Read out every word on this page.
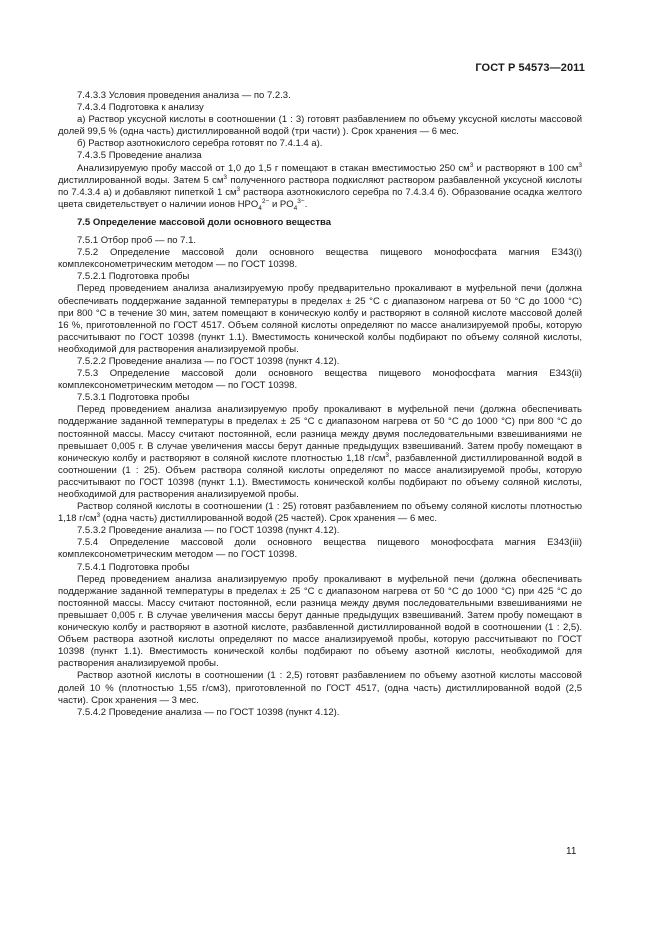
ГОСТ Р 54573—2011

7.4.3.3 Условия проведения анализа — по 7.2.3.

7.4.3.4 Подготовка к анализу

а) Раствор уксусной кислоты в соотношении (1 : 3) готовят разбавлением по объему уксусной кислоты массовой долей 99,5 % (одна часть) дистиллированной водой (три части) ). Срок хранения — 6 мес.

б) Раствор азотнокислого серебра готовят по 7.4.1.4 а).

7.4.3.5 Проведение анализа

Анализируемую пробу массой от 1,0 до 1,5 г помещают в стакан вместимостью 250 $см^3$ и растворяют в 100 $см^3$ дистиллированной воды. Затем 5 $см^3$ полученного раствора подкисляют раствором разбавленной уксусной кислоты по 7.4.3.4 а) и добавляют пипеткой 1 $см^3$ раствора азотнокислого серебра по 7.4.3.4 б). Образование осадка желтого цвета свидетельствует о наличии ионов $HPO_4^{2-}$ и $PO_4^{3-}$.

7.5 Определение массовой доли основного вещества

7.5.1 Отбор проб — по 7.1.

7.5.2 Определение массовой доли основного вещества пищевого монофосфата магния Е343(i) комплексонометрическим методом — по ГОСТ 10398.

7.5.2.1 Подготовка пробы

Перед проведением анализа анализируемую пробу предварительно прокаливают в муфельной печи (должна обеспечивать поддержание заданной температуры в пределах ± 25 °С с диапазоном нагрева от 50 °С до 1000 °С) при 800 °С в течение 30 мин, затем помещают в коническую колбу и растворяют в соляной кислоте массовой долей 16 %, приготовленной по ГОСТ 4517. Объем соляной кислоты определяют по массе анализируемой пробы, которую рассчитывают по ГОСТ 10398 (пункт 1.1). Вместимость конической колбы подбирают по объему соляной кислоты, необходимой для растворения анализируемой пробы.

7.5.2.2 Проведение анализа — по ГОСТ 10398 (пункт 4.12).

7.5.3 Определение массовой доли основного вещества пищевого монофосфата магния Е343(ii) комплексонометрическим методом — по ГОСТ 10398.

7.5.3.1 Подготовка пробы

Перед проведением анализа анализируемую пробу прокаливают в муфельной печи (должна обеспечивать поддержание заданной температуры в пределах ± 25 °С с диапазоном нагрева от 50 °С до 1000 °С) при 800 °С до постоянной массы. Массу считают постоянной, если разница между двумя последовательными взвешиваниями не превышает 0,005 г. В случае увеличения массы берут данные предыдущих взвешиваний. Затем пробу помещают в коническую колбу и растворяют в соляной кислоте плотностью 1,18 $г/см^3$, разбавленной дистиллированной водой в соотношении (1 : 25). Объем раствора соляной кислоты определяют по массе анализируемой пробы, которую рассчитывают по ГОСТ 10398 (пункт 1.1). Вместимость конической колбы подбирают по объему соляной кислоты, необходимой для растворения анализируемой пробы.

Раствор соляной кислоты в соотношении (1 : 25) готовят разбавлением по объему соляной кислоты плотностью 1,18 $г/см^3$ (одна часть) дистиллированной водой (25 частей). Срок хранения — 6 мес.

7.5.3.2 Проведение анализа — по ГОСТ 10398 (пункт 4.12).

7.5.4 Определение массовой доли основного вещества пищевого монофосфата магния Е343(iii) комплексонометрическим методом — по ГОСТ 10398.

7.5.4.1 Подготовка пробы

Перед проведением анализа анализируемую пробу прокаливают в муфельной печи (должна обеспечивать поддержание заданной температуры в пределах ± 25 °С с диапазоном нагрева от 50 °С до 1000 °С) при 425 °С до постоянной массы. Массу считают постоянной, если разница между двумя последовательными взвешиваниями не превышает 0,005 г. В случае увеличения массы берут данные предыдущих взвешиваний. Затем пробу помещают в коническую колбу и растворяют в азотной кислоте, разбавленной дистиллированной водой в соотношении (1 : 2,5). Объем раствора азотной кислоты определяют по массе анализируемой пробы, которую рассчитывают по ГОСТ 10398 (пункт 1.1). Вместимость конической колбы подбирают по объему азотной кислоты, необходимой для растворения анализируемой пробы.

Раствор азотной кислоты в соотношении (1 : 2,5) готовят разбавлением по объему азотной кислоты массовой долей 10 % (плотностью 1,55 г/см3), приготовленной по ГОСТ 4517, (одна часть) дистиллированной водой (2,5 части). Срок хранения — 3 мес.

7.5.4.2 Проведение анализа — по ГОСТ 10398 (пункт 4.12).

11
